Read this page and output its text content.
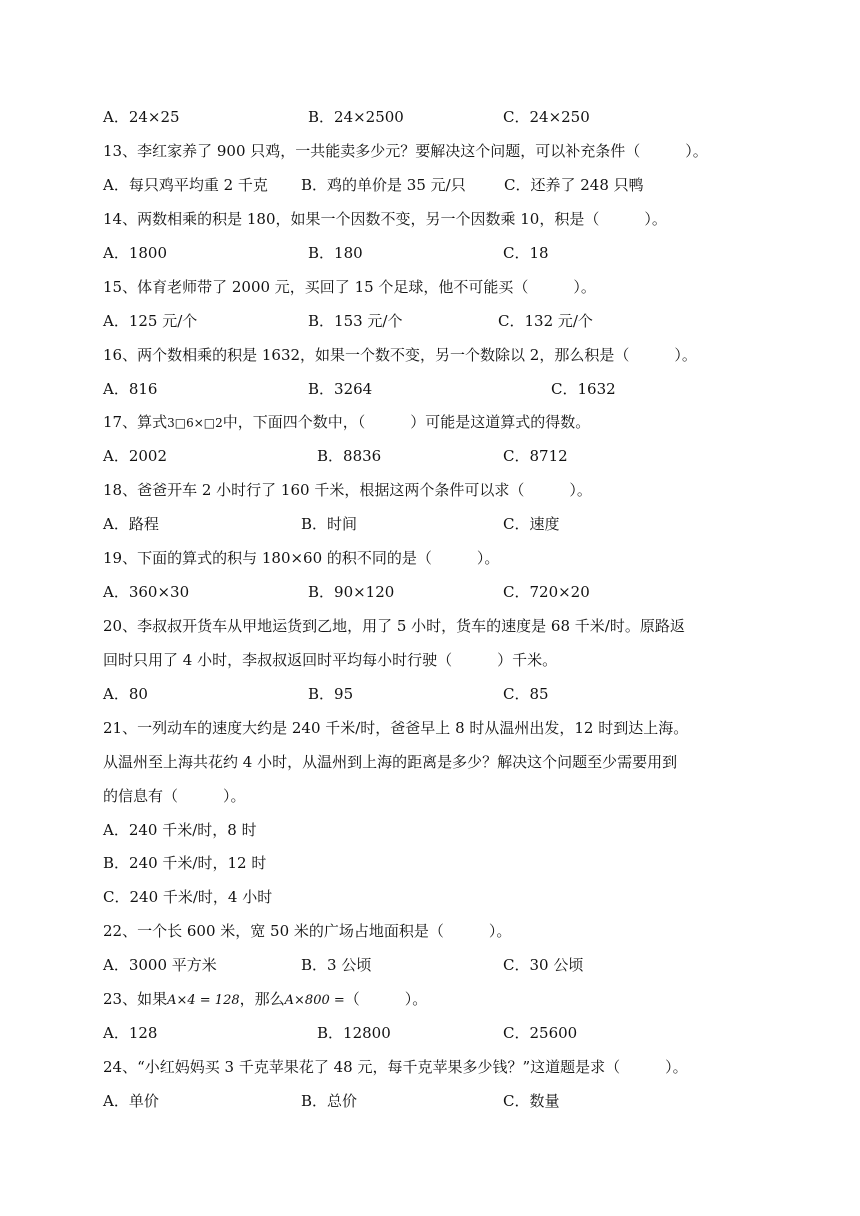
A．24×25	B．24×2500	C．24×250
13、李红家养了 900 只鸡，一共能卖多少元？要解决这个问题，可以补充条件（　　　）。
A．每只鸡平均重 2 千克 B．鸡的单价是 35 元/只	C．还养了 248 只鸭
14、两数相乘的积是 180，如果一个因数不变，另一个因数乘 10，积是（　　　）。
A．1800	B．180	C．18
15、体育老师带了 2000 元，买回了 15 个足球，他不可能买（　　　）。
A．125 元/个	B．153 元/个	C．132 元/个
16、两个数相乘的积是 1632，如果一个数不变，另一个数除以 2，那么积是（　　　）。
A．816	B．3264	C．1632
17、算式3□6×□2中，下面四个数中，（　　　）可能是这道算式的得数。
A．2002	B．8836	C．8712
18、爸爸开车 2 小时行了 160 千米，根据这两个条件可以求（　　　）。
A．路程	B．时间	C．速度
19、下面的算式的积与 180×60 的积不同的是（　　　）。
A．360×30	B．90×120	C．720×20
20、李叔叔开货车从甲地运货到乙地，用了 5 小时，货车的速度是 68 千米/时。原路返
回时只用了 4 小时，李叔叔返回时平均每小时行驶（　　　）千米。
A．80	B．95	C．85
21、一列动车的速度大约是 240 千米/时，爸爸早上 8 时从温州出发，12 时到达上海。
从温州至上海共花约 4 小时，从温州到上海的距离是多少？解决这个问题至少需要用到
的信息有（　　　）。
A．240 千米/时，8 时
B．240 千米/时，12 时
C．240 千米/时，4 小时
22、一个长 600 米，宽 50 米的广场占地面积是（　　　）。
A．3000 平方米	B．3 公顷	C．30 公顷
23、如果A×4 = 128，那么A×800 =（　　　）。
A．128	B．12800	C．25600
24、“小红妈妈买 3 千克苹果花了 48 元，每千克苹果多少钱？”这道题是求（　　　）。
A．单价	B．总价	C．数量
